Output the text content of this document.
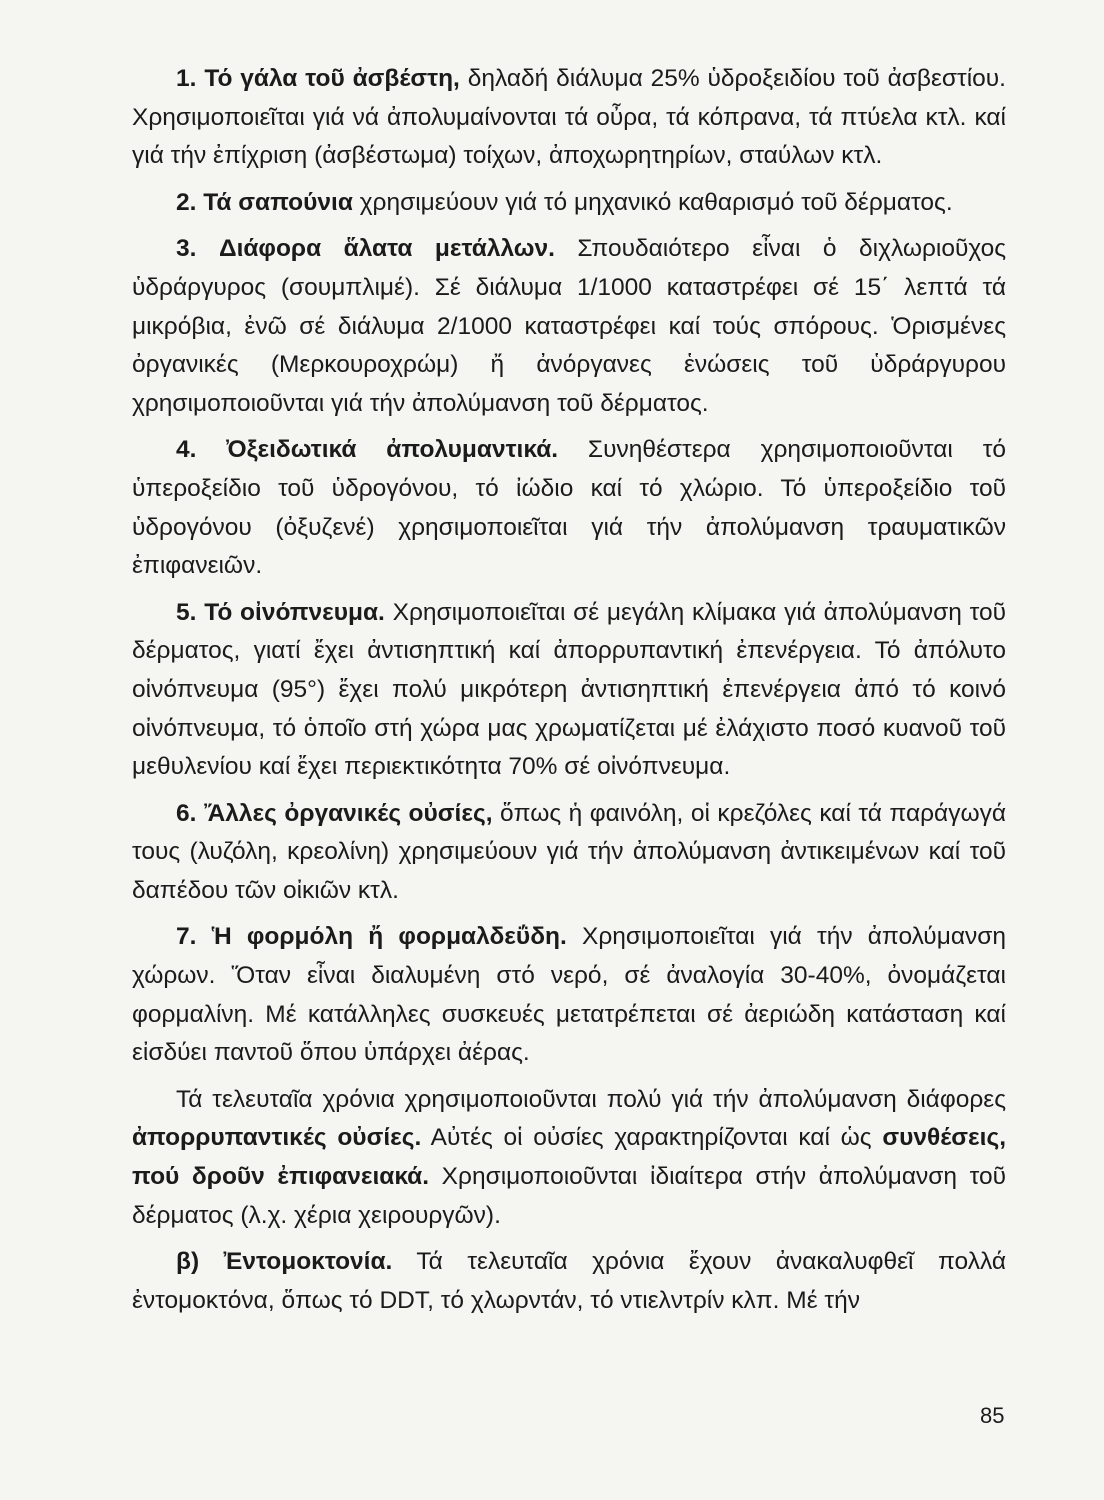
1. Τό γάλα τοῦ ἀσβέστη, δηλαδή διάλυμα 25% ὑδροξειδίου τοῦ ἀσβεστίου. Χρησιμοποιεῖται γιά νά ἀπολυμαίνονται τά οὖρα, τά κόπρανα, τά πτύελα κτλ. καί γιά τήν ἐπίχριση (ἀσβέστωμα) τοίχων, ἀποχωρητηρίων, σταύλων κτλ.

2. Τά σαπούνια χρησιμεύουν γιά τό μηχανικό καθαρισμό τοῦ δέρματος.

3. Διάφορα ἅλατα μετάλλων. Σπουδαιότερο εἶναι ὁ διχλωριοῦχος ὑδράργυρος (σουμπλιμέ). Σέ διάλυμα 1/1000 καταστρέφει σέ 15΄ λεπτά τά μικρόβια, ἐνῶ σέ διάλυμα 2/1000 καταστρέφει καί τούς σπόρους. Ὁρισμένες ὀργανικές (Μερκουροχρώμ) ἤ ἀνόργανες ἑνώσεις τοῦ ὑδράργυρου χρησιμοποιοῦνται γιά τήν ἀπολύμανση τοῦ δέρματος.

4. Ὀξειδωτικά ἀπολυμαντικά. Συνηθέστερα χρησιμοποιοῦνται τό ὑπεροξείδιο τοῦ ὑδρογόνου, τό ἰώδιο καί τό χλώριο. Τό ὑπεροξείδιο τοῦ ὑδρογόνου (ὀξυζενέ) χρησιμοποιεῖται γιά τήν ἀπολύμανση τραυματικῶν ἐπιφανειῶν.

5. Τό οἰνόπνευμα. Χρησιμοποιεῖται σέ μεγάλη κλίμακα γιά ἀπολύμανση τοῦ δέρματος, γιατί ἔχει ἀντισηπτική καί ἀπορρυπαντική ἐπενέργεια. Τό ἀπόλυτο οἰνόπνευμα (95°) ἔχει πολύ μικρότερη ἀντισηπτική ἐπενέργεια ἀπό τό κοινό οἰνόπνευμα, τό ὁποῖο στή χώρα μας χρωματίζεται μέ ἐλάχιστο ποσό κυανοῦ τοῦ μεθυλενίου καί ἔχει περιεκτικότητα 70% σέ οἰνόπνευμα.

6. Ἄλλες ὀργανικές οὐσίες, ὅπως ἡ φαινόλη, οἱ κρεζόλες καί τά παράγωγά τους (λυζόλη, κρεολίνη) χρησιμεύουν γιά τήν ἀπολύμανση ἀντικειμένων καί τοῦ δαπέδου τῶν οἰκιῶν κτλ.

7. Ἡ φορμόλη ἤ φορμαλδεΰδη. Χρησιμοποιεῖται γιά τήν ἀπολύμανση χώρων. Ὅταν εἶναι διαλυμένη στό νερό, σέ ἀναλογία 30-40%, ὀνομάζεται φορμαλίνη. Μέ κατάλληλες συσκευές μετατρέπεται σέ ἀεριώδη κατάσταση καί εἰσδύει παντοῦ ὅπου ὑπάρχει ἀέρας.

Τά τελευταῖα χρόνια χρησιμοποιοῦνται πολύ γιά τήν ἀπολύμανση διάφορες ἀπορρυπαντικές οὐσίες. Αὐτές οἱ οὐσίες χαρακτηρίζονται καί ὡς συνθέσεις, πού δροῦν ἐπιφανειακά. Χρησιμοποιοῦνται ἰδιαίτερα στήν ἀπολύμανση τοῦ δέρματος (λ.χ. χέρια χειρουργῶν).

β) Ἐντομοκτονία. Τά τελευταῖα χρόνια ἔχουν ἀνακαλυφθεῖ πολλά ἐντομοκτόνα, ὅπως τό DDT, τό χλωρντάν, τό ντιελντρίν κλπ. Μέ τήν

85
